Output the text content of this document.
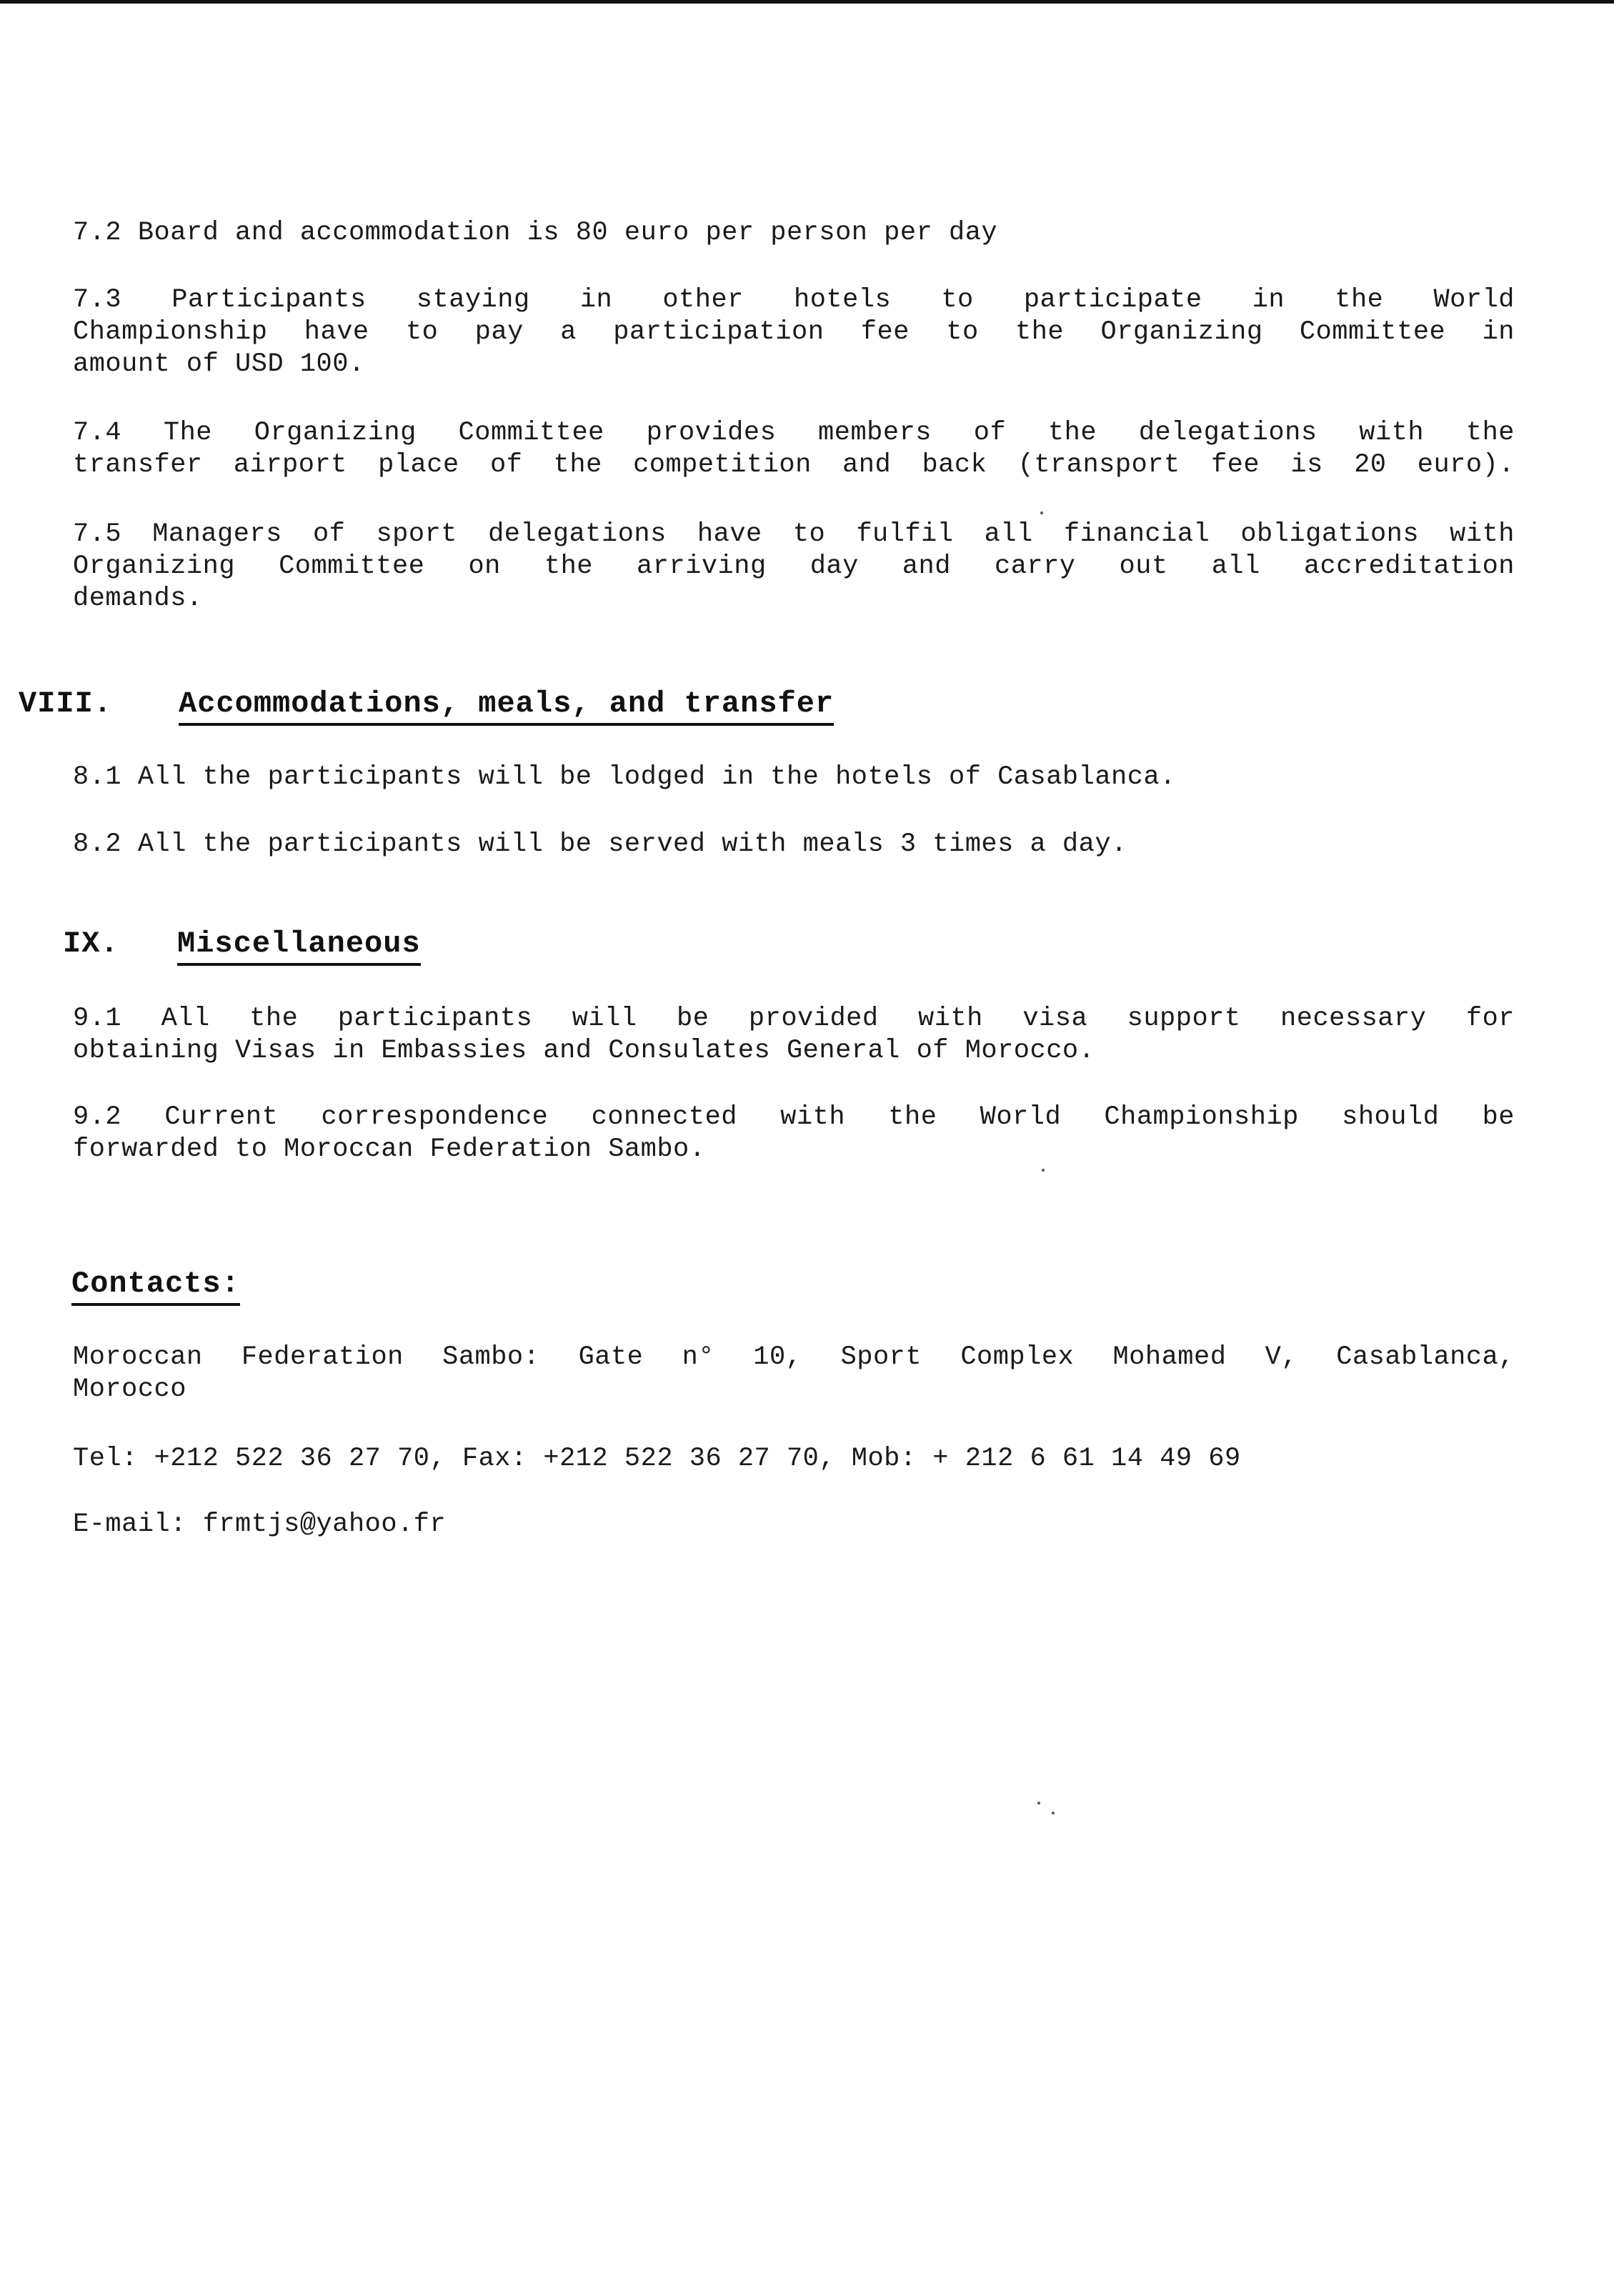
7.2 Board and accommodation is 80 euro per person per day
7.3 Participants staying in other hotels to participate in the World
Championship have to pay a participation fee to the Organizing Committee in
amount of USD 100.
7.4 The Organizing Committee provides members of the delegations with the
transfer airport place of the competition and back (transport fee is 20 euro).
7.5 Managers of sport delegations have to fulfil all financial obligations with
Organizing Committee on the arriving day and carry out all accreditation
demands.
VIII. Accommodations, meals, and transfer
8.1 All the participants will be lodged in the hotels of Casablanca.
8.2 All the participants will be served with meals 3 times a day.
IX. Miscellaneous
9.1 All the participants will be provided with visa support necessary for
obtaining Visas in Embassies and Consulates General of Morocco.
9.2 Current correspondence connected with the World Championship should be
forwarded to Moroccan Federation Sambo.
Contacts:
Moroccan Federation Sambo: Gate n° 10, Sport Complex Mohamed V, Casablanca,
Morocco
Tel: +212 522 36 27 70, Fax: +212 522 36 27 70, Mob: + 212 6 61 14 49 69
E-mail: frmtjs@yahoo.fr
